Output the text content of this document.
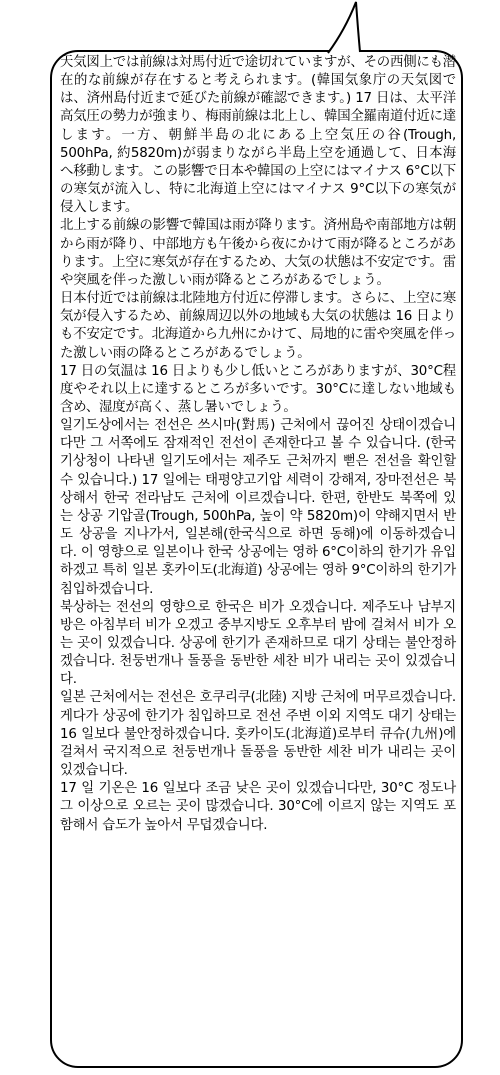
天気図上では前線は対馬付近で途切れていますが、その西側にも潜在的な前線が存在すると考えられます。(韓国気象庁の天気図では、済州島付近まで延びた前線が確認できます。) 17 日は、太平洋高気圧の勢力が強まり、梅雨前線は北上し、韓国全羅南道付近に達します。一方、朝鮮半島の北にある上空気圧の谷(Trough, 500hPa, 約5820m)が弱まりながら半島上空を通過して、日本海へ移動します。この影響で日本や韓国の上空にはマイナス 6°C以下の寒気が流入し、特に北海道上空にはマイナス 9°C以下の寒気が侵入します。

北上する前線の影響で韓国は雨が降ります。済州島や南部地方は朝から雨が降り、中部地方も午後から夜にかけて雨が降るところがあります。上空に寒気が存在するため、大気の状態は不安定です。雷や突風を伴った激しい雨が降るところがあるでしょう。

日本付近では前線は北陸地方付近に停滞します。さらに、上空に寒気が侵入するため、前線周辺以外の地域も大気の状態は 16 日よりも不安定です。北海道から九州にかけて、局地的に雷や突風を伴った激しい雨の降るところがあるでしょう。

17 日の気温は 16 日よりも少し低いところがありますが、30°C程度やそれ以上に達するところが多いです。30°Cに達しない地域も含め、湿度が高く、蒸し暑いでしょう。

일기도상에서는 전선은 쓰시마(對馬) 근처에서 끊어진 상태이겠습니다만 그 서쪽에도 잠재적인 전선이 존재한다고 볼 수 있습니다. (한국 기상청이 나타낸 일기도에서는 제주도 근처까지 뻗은 전선을 확인할 수 있습니다.) 17 일에는 태평양고기압 세력이 강해져, 장마전선은 북상해서 한국 전라남도 근처에 이르겠습니다. 한편, 한반도 북쪽에 있는 상공 기압골(Trough, 500hPa, 높이 약 5820m)이 약해지면서 반도 상공을 지나가서, 일본해(한국식으로 하면 동해)에 이동하겠습니다. 이 영향으로 일본이나 한국 상공에는 영하 6°C이하의 한기가 유입하겠고 특히 일본 홋카이도(北海道) 상공에는 영하 9°C이하의 한기가 침입하겠습니다.

북상하는 전선의 영향으로 한국은 비가 오겠습니다. 제주도나 남부지방은 아침부터 비가 오겠고 중부지방도 오후부터 밤에 걸쳐서 비가 오는 곳이 있겠습니다. 상공에 한기가 존재하므로 대기 상태는 불안정하겠습니다. 천둥번개나 돌풍을 동반한 세찬 비가 내리는 곳이 있겠습니다.

일본 근처에서는 전선은 호쿠리쿠(北陸) 지방 근처에 머무르겠습니다. 게다가 상공에 한기가 침입하므로 전선 주변 이외 지역도 대기 상태는 16 일보다 불안정하겠습니다. 홋카이도(北海道)로부터 큐슈(九州)에 걸쳐서 국지적으로 천둥번개나 돌풍을 동반한 세찬 비가 내리는 곳이 있겠습니다.

17 일 기온은 16 일보다 조금 낮은 곳이 있겠습니다만, 30°C 정도나 그 이상으로 오르는 곳이 많겠습니다. 30°C에 이르지 않는 지역도 포함해서 습도가 높아서 무덥겠습니다.
